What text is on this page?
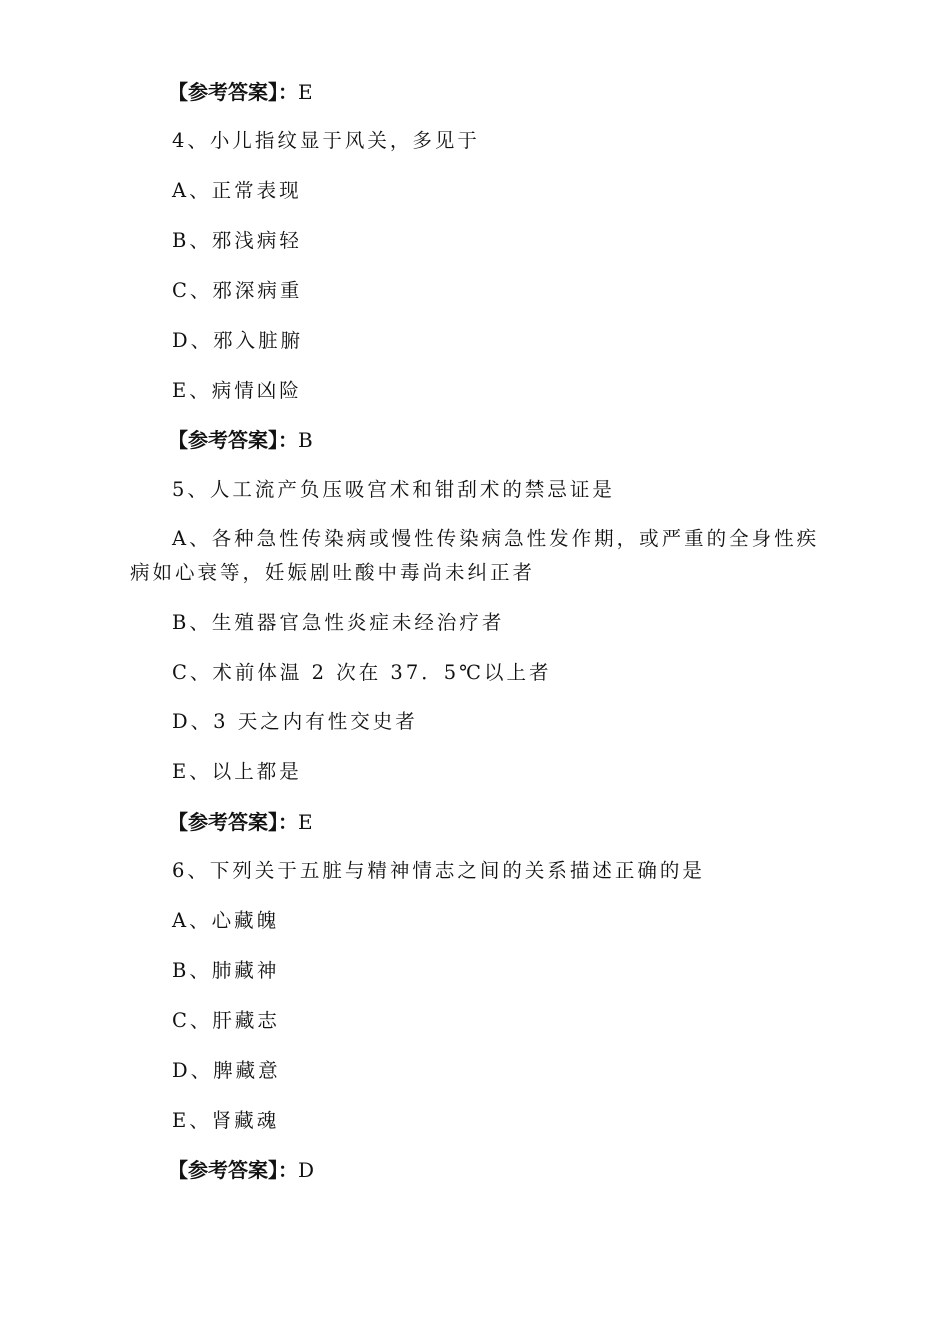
【参考答案】：E
4、小儿指纹显于风关，多见于
A、正常表现
B、邪浅病轻
C、邪深病重
D、邪入脏腑
E、病情凶险
【参考答案】：B
5、人工流产负压吸宫术和钳刮术的禁忌证是
A、各种急性传染病或慢性传染病急性发作期，或严重的全身性疾病如心衰等，妊娠剧吐酸中毒尚未纠正者
B、生殖器官急性炎症未经治疗者
C、术前体温 2 次在 37．5℃以上者
D、3 天之内有性交史者
E、以上都是
【参考答案】：E
6、下列关于五脏与精神情志之间的关系描述正确的是
A、心藏魄
B、肺藏神
C、肝藏志
D、脾藏意
E、肾藏魂
【参考答案】：D
